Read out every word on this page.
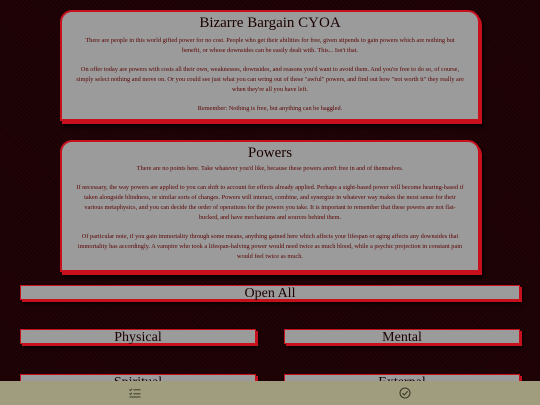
Bizarre Bargain CYOA

There are people in this world gifted power for no cost. People who get their abilities for free, given stipends to gain powers which are nothing but benefit, or whose downsides can be easily dealt with. This... Isn't that.

On offer today are powers with costs all their own, weaknesses, downsides, and reasons you'd want to avoid them. And you're free to do so, of course, simply select nothing and move on. Or you could see just what you can wring out of these "awful" powers, and find out how "not worth it" they really are when they're all you have left.

Remember: Nothing is free, but anything can be haggled.

Powers

There are no points here. Take whatever you'd like, because these powers aren't free in and of themselves.

If necessary, the way powers are applied to you can shift to account for effects already applied. Perhaps a sight-based power will become hearing-based if taken alongside blindness, or similar sorts of changes. Powers will interact, combine, and synergize in whatever way makes the most sense for their various metaphysics, and you can decide the order of operations for the powers you take. It is important to remember that these powers are not flat-bucked, and have mechanisms and sources behind them.

Of particular note, if you gain immortality through some means, anything gained here which affects your lifespan or aging affects any downsides that immortality has accordingly. A vampire who took a lifespan-halving power would need twice as much blood, while a psychic projection in constant pain would feel twice as much.

Open All
Physical	Mental
